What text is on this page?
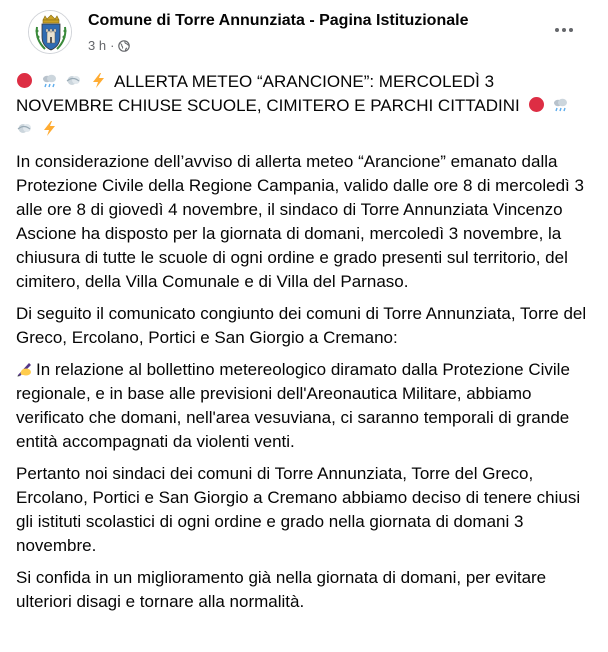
Comune di Torre Annunziata - Pagina Istituzionale
3 h ·

ALLERTA METEO “ARANCIONE”: MERCOLEDÌ 3 NOVEMBRE CHIUSE SCUOLE, CIMITERO E PARCHI CITTADINI

In considerazione dell’avviso di allerta meteo “Arancione” emanato dalla Protezione Civile della Regione Campania, valido dalle ore 8 di mercoledì 3 alle ore 8 di giovedì 4 novembre, il sindaco di Torre Annunziata Vincenzo Ascione ha disposto per la giornata di domani, mercoledì 3 novembre, la chiusura di tutte le scuole di ogni ordine e grado presenti sul territorio, del cimitero, della Villa Comunale e di Villa del Parnaso.

Di seguito il comunicato congiunto dei comuni di Torre Annunziata, Torre del Greco, Ercolano, Portici e San Giorgio a Cremano:

In relazione al bollettino metereologico diramato dalla Protezione Civile regionale, e in base alle previsioni dell'Areonautica Militare, abbiamo verificato che domani, nell'area vesuviana, ci saranno temporali di grande entità accompagnati da violenti venti.

Pertanto noi sindaci dei comuni di Torre Annunziata, Torre del Greco, Ercolano, Portici e San Giorgio a Cremano abbiamo deciso di tenere chiusi gli istituti scolastici di ogni ordine e grado nella giornata di domani 3 novembre.

Si confida in un miglioramento già nella giornata di domani, per evitare ulteriori disagi e tornare alla normalità.
